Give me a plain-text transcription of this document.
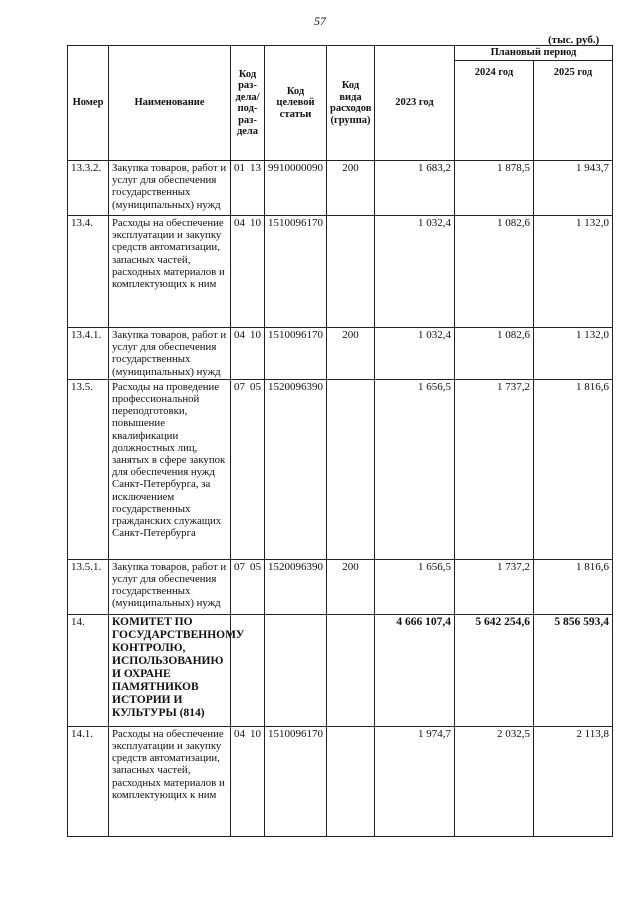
57
(тыс. руб.)
Номер	Наименование	Код раз- дела/ под- раз- дела	Код целевой статьи	Код вида расходов (группа)	2023 год	Плановый период	
						2024 год	2025 год
13.3.2.	Закупка товаров, работ и услуг для обеспечения государственных (муниципальных) нужд	01 13	9910000090	200	1 683,2	1 878,5	1 943,7
13.4.	Расходы на обеспечение эксплуатации и закупку средств автоматизации, запасных частей, расходных материалов и комплектующих к ним	04 10	1510096170		1 032,4	1 082,6	1 132,0
13.4.1.	Закупка товаров, работ и услуг для обеспечения государственных (муниципальных) нужд	04 10	1510096170	200	1 032,4	1 082,6	1 132,0
13.5.	Расходы на проведение профессиональной переподготовки, повышение квалификации должностных лиц, занятых в сфере закупок для обеспечения нужд Санкт-Петербурга, за исключением государственных гражданских служащих Санкт-Петербурга	07 05	1520096390		1 656,5	1 737,2	1 816,6
13.5.1.	Закупка товаров, работ и услуг для обеспечения государственных (муниципальных) нужд	07 05	1520096390	200	1 656,5	1 737,2	1 816,6
14.	КОМИТЕТ ПО ГОСУДАРСТВЕННОМУ КОНТРОЛЮ, ИСПОЛЬЗОВАНИЮ И ОХРАНЕ ПАМЯТНИКОВ ИСТОРИИ И КУЛЬТУРЫ (814)				4 666 107,4	5 642 254,6	5 856 593,4
14.1.	Расходы на обеспечение эксплуатации и закупку средств автоматизации, запасных частей, расходных материалов и комплектующих к ним	04 10	1510096170		1 974,7	2 032,5	2 113,8
